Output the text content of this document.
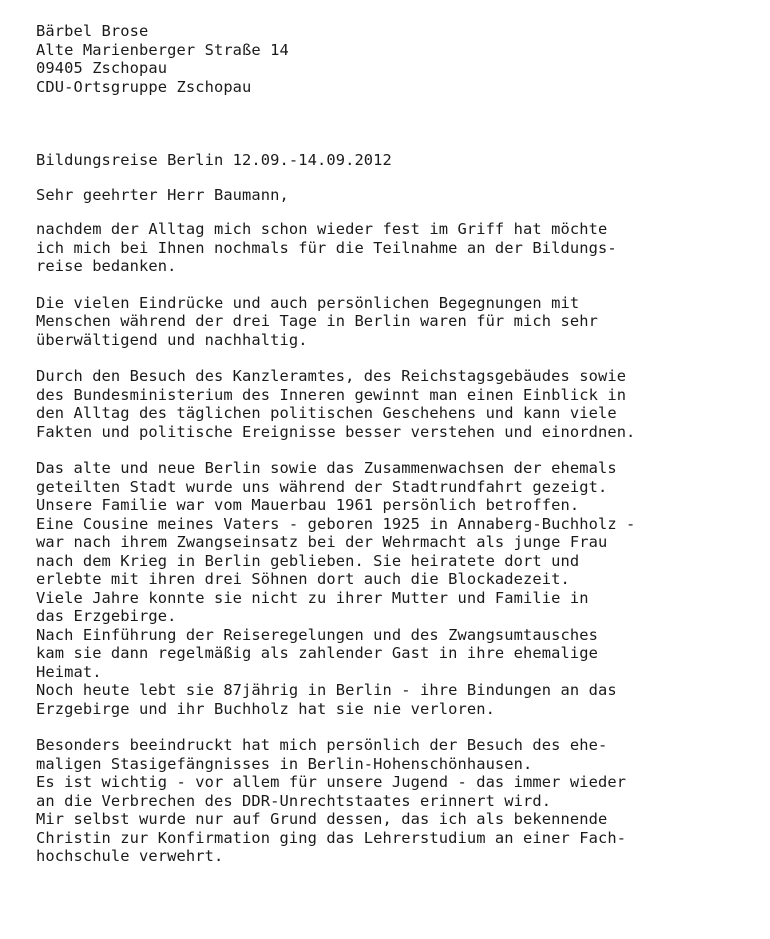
Bärbel Brose
Alte Marienberger Straße 14
09405 Zschopau
CDU-Ortsgruppe Zschopau
Bildungsreise Berlin 12.09.-14.09.2012
Sehr geehrter Herr Baumann,
nachdem der Alltag mich schon wieder fest im Griff hat möchte
ich mich bei Ihnen nochmals für die Teilnahme an der Bildungs-
reise bedanken.
Die vielen Eindrücke und auch persönlichen Begegnungen mit
Menschen während der drei Tage in Berlin waren für mich sehr
überwältigend und nachhaltig.
Durch den Besuch des Kanzleramtes, des Reichstagsgebäudes sowie
des Bundesministerium des Inneren gewinnt man einen Einblick in
den Alltag des täglichen politischen Geschehens und kann viele
Fakten und politische Ereignisse besser verstehen und einordnen.
Das alte und neue Berlin sowie das Zusammenwachsen der ehemals
geteilten Stadt wurde uns während der Stadtrundfahrt gezeigt.
Unsere Familie war vom Mauerbau 1961 persönlich betroffen.
Eine Cousine meines Vaters - geboren 1925 in Annaberg-Buchholz -
war nach ihrem Zwangseinsatz bei der Wehrmacht als junge Frau
nach dem Krieg in Berlin geblieben. Sie heiratete dort und
erlebte mit ihren drei Söhnen dort auch die Blockadezeit.
Viele Jahre konnte sie nicht zu ihrer Mutter und Familie in
das Erzgebirge.
Nach Einführung der Reiseregelungen und des Zwangsumtausches
kam sie dann regelmäßig als zahlender Gast in ihre ehemalige
Heimat.
Noch heute lebt sie 87jährig in Berlin - ihre Bindungen an das
Erzgebirge und ihr Buchholz hat sie nie verloren.
Besonders beeindruckt hat mich persönlich der Besuch des ehe-
maligen Stasigefängnisses in Berlin-Hohenschönhausen.
Es ist wichtig - vor allem für unsere Jugend - das immer wieder
an die Verbrechen des DDR-Unrechtstaates erinnert wird.
Mir selbst wurde nur auf Grund dessen, das ich als bekennende
Christin zur Konfirmation ging das Lehrerstudium an einer Fach-
hochschule verwehrt.
